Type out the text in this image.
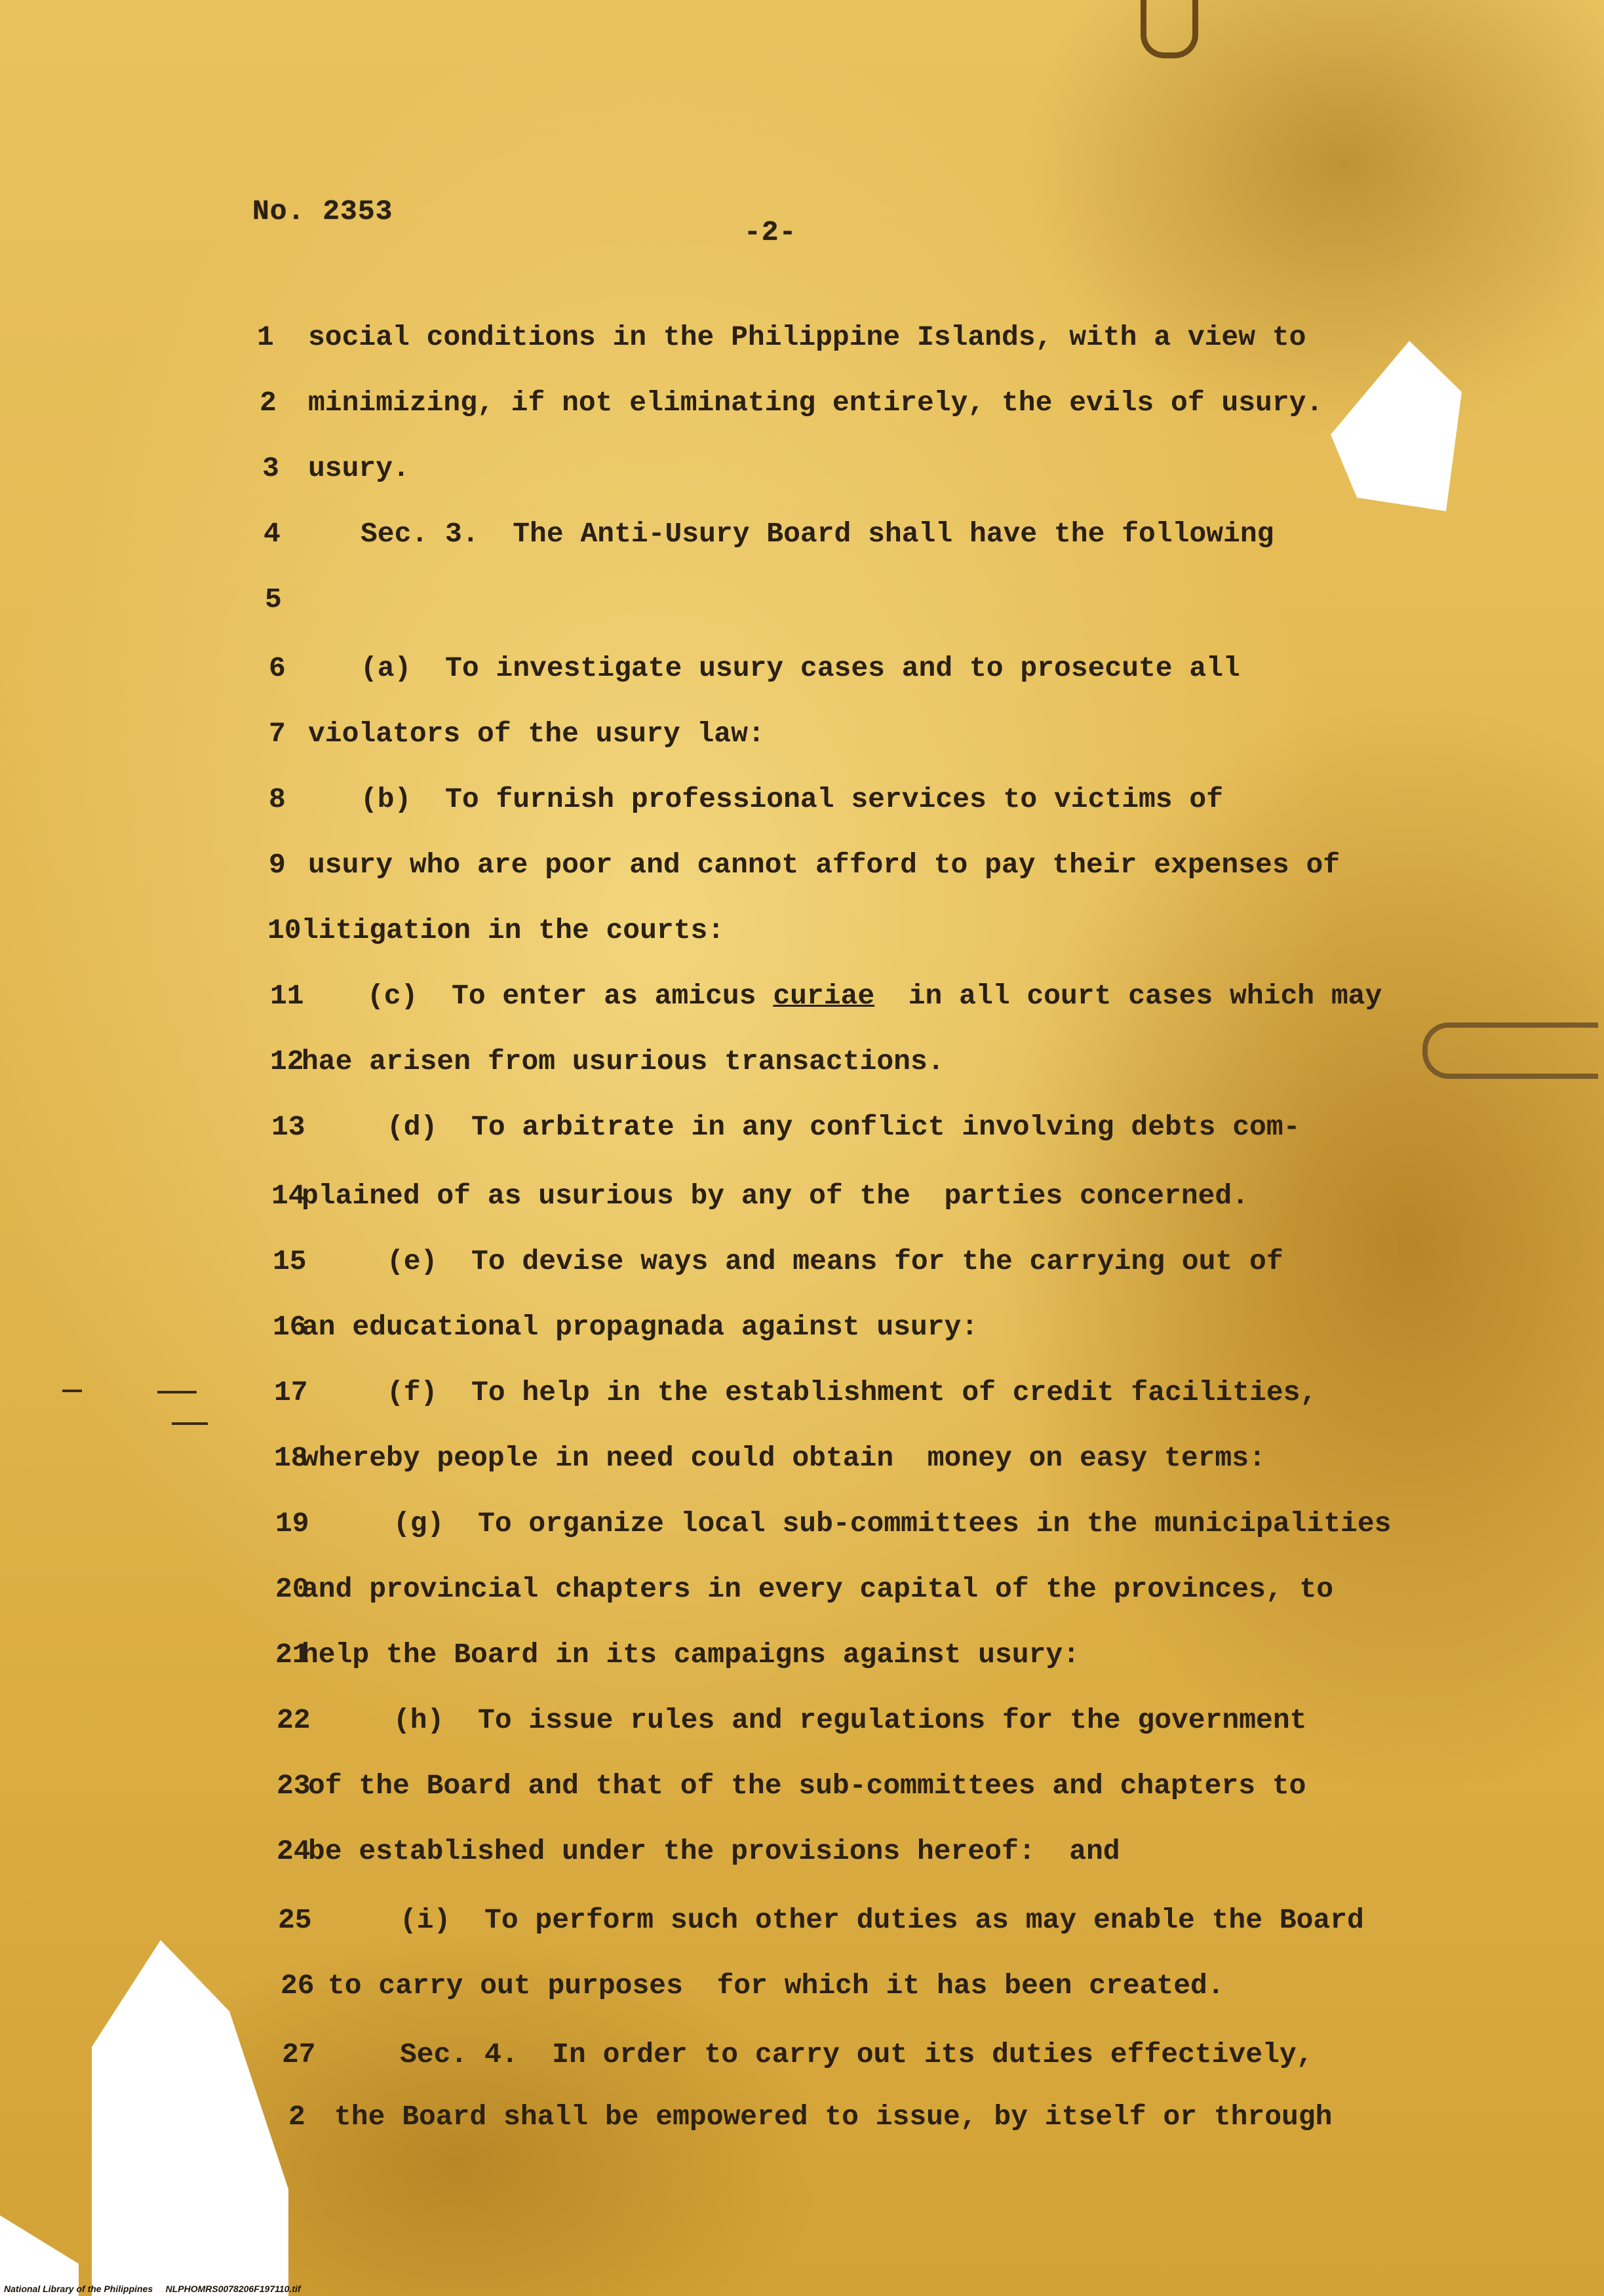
No. 2353
-2-
1 social conditions in the Philippine Islands, with a view to
2 minimizing, if not eliminating entirely, the evils of usury.
3 usury.
4	Sec. 3.  The Anti-Usury Board shall have the following
5
6	(a)  To investigate usury cases and to prosecute all
7 violators of the usury law:
8	(b)  To furnish professional services to victims of
9 usury who are poor and cannot afford to pay their expenses of
10 litigation in the courts:
11 (c)  To enter as amicus curiae  in all court cases which may
12
hae arisen from usurious transactions.
13	(d)  To arbitrate in any conflict involving debts com-
14
plained of as usurious by any of the  parties concerned.
15	(e)  To devise ways and means for the carrying out of
16
an educational propagnada against usury:
17	(f)  To help in the establishment of credit facilities,
18
whereby people in need could obtain  money on easy terms:
19	(g)  To organize local sub-committees in the municipalities
20
and provincial chapters in every capital of the provinces, to
21
help the Board in its campaigns against usury:
22	(h)  To issue rules and regulations for the government
23
of the Board and that of the sub-committees and chapters to
24
be established under the provisions hereof:  and
25	(i)  To perform such other duties as may enable the Board
26 to carry out purposes  for which it has been created.
27	Sec. 4.  In order to carry out its duties effectively,
2 the Board shall be empowered to issue, by itself or through
National Library of the Philippines     NLPHOMRS0078206F197110.tif
